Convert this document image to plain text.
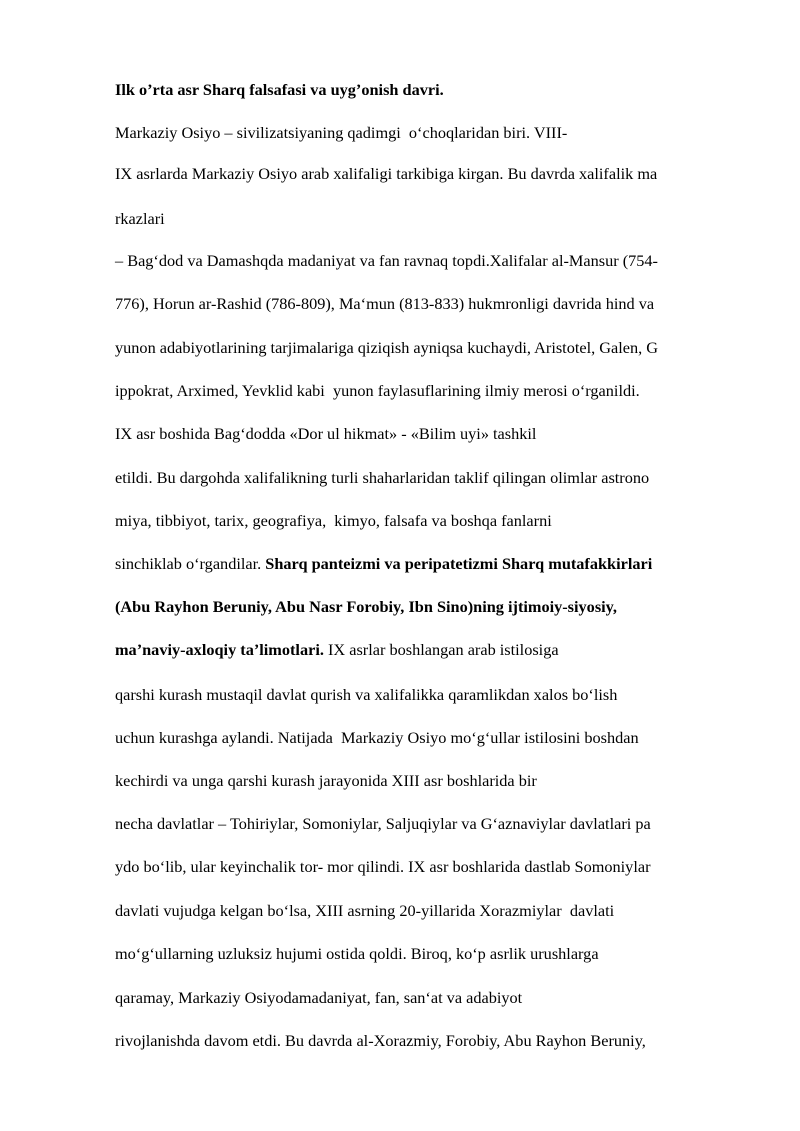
Ilk o’rta asr Sharq falsafasi va uyg’onish davri.
Markaziy Osiyo – sivilizatsiyaning qadimgi  o‘choqlaridan biri. VIII-
IX asrlarda Markaziy Osiyo arab xalifaligi tarkibiga kirgan. Bu davrda xalifalik ma
rkazlari
– Bag‘dod va Damashqda madaniyat va fan ravnaq topdi.Xalifalar al-Mansur (754-
776), Horun ar-Rashid (786-809), Ma‘mun (813-833) hukmronligi davrida hind va
yunon adabiyotlarining tarjimalariga qiziqish ayniqsa kuchaydi, Aristotel, Galen, G
ippokrat, Arximed, Yevklid kabi  yunon faylasuflarining ilmiy merosi o‘rganildi.
IX asr boshida Bag‘dodda «Dor ul hikmat» - «Bilim uyi» tashkil
etildi. Bu dargohda xalifalikning turli shaharlaridan taklif qilingan olimlar astrono
miya, tibbiyot, tarix, geografiya,  kimyo, falsafa va boshqa fanlarni
sinchiklab o‘rgandilar. Sharq panteizmi va peripatetizmi Sharq mutafakkirlari
(Abu Rayhon Beruniy, Abu Nasr Forobiy, Ibn Sino)ning ijtimoiy-siyosiy,
ma’naviy-axloqiy ta’limotlari. IX asrlar boshlangan arab istilosiga
qarshi kurash mustaqil davlat qurish va xalifalikka qaramlikdan xalos bo‘lish
uchun kurashga aylandi. Natijada  Markaziy Osiyo mo‘g‘ullar istilosini boshdan
kechirdi va unga qarshi kurash jarayonida XIII asr boshlarida bir
necha davlatlar – Tohiriylar, Somoniylar, Saljuqiylar va G‘aznaviylar davlatlari pa
ydo bo‘lib, ular keyinchalik tor- mor qilindi. IX asr boshlarida dastlab Somoniylar
davlati vujudga kelgan bo‘lsa, XIII asrning 20-yillarida Xorazmiylar  davlati
mo‘g‘ullarning uzluksiz hujumi ostida qoldi. Biroq, ko‘p asrlik urushlarga
qaramay, Markaziy Osiyodamadaniyat, fan, san‘at va adabiyot
rivojlanishda davom etdi. Bu davrda al-Xorazmiy, Forobiy, Abu Rayhon Beruniy,
